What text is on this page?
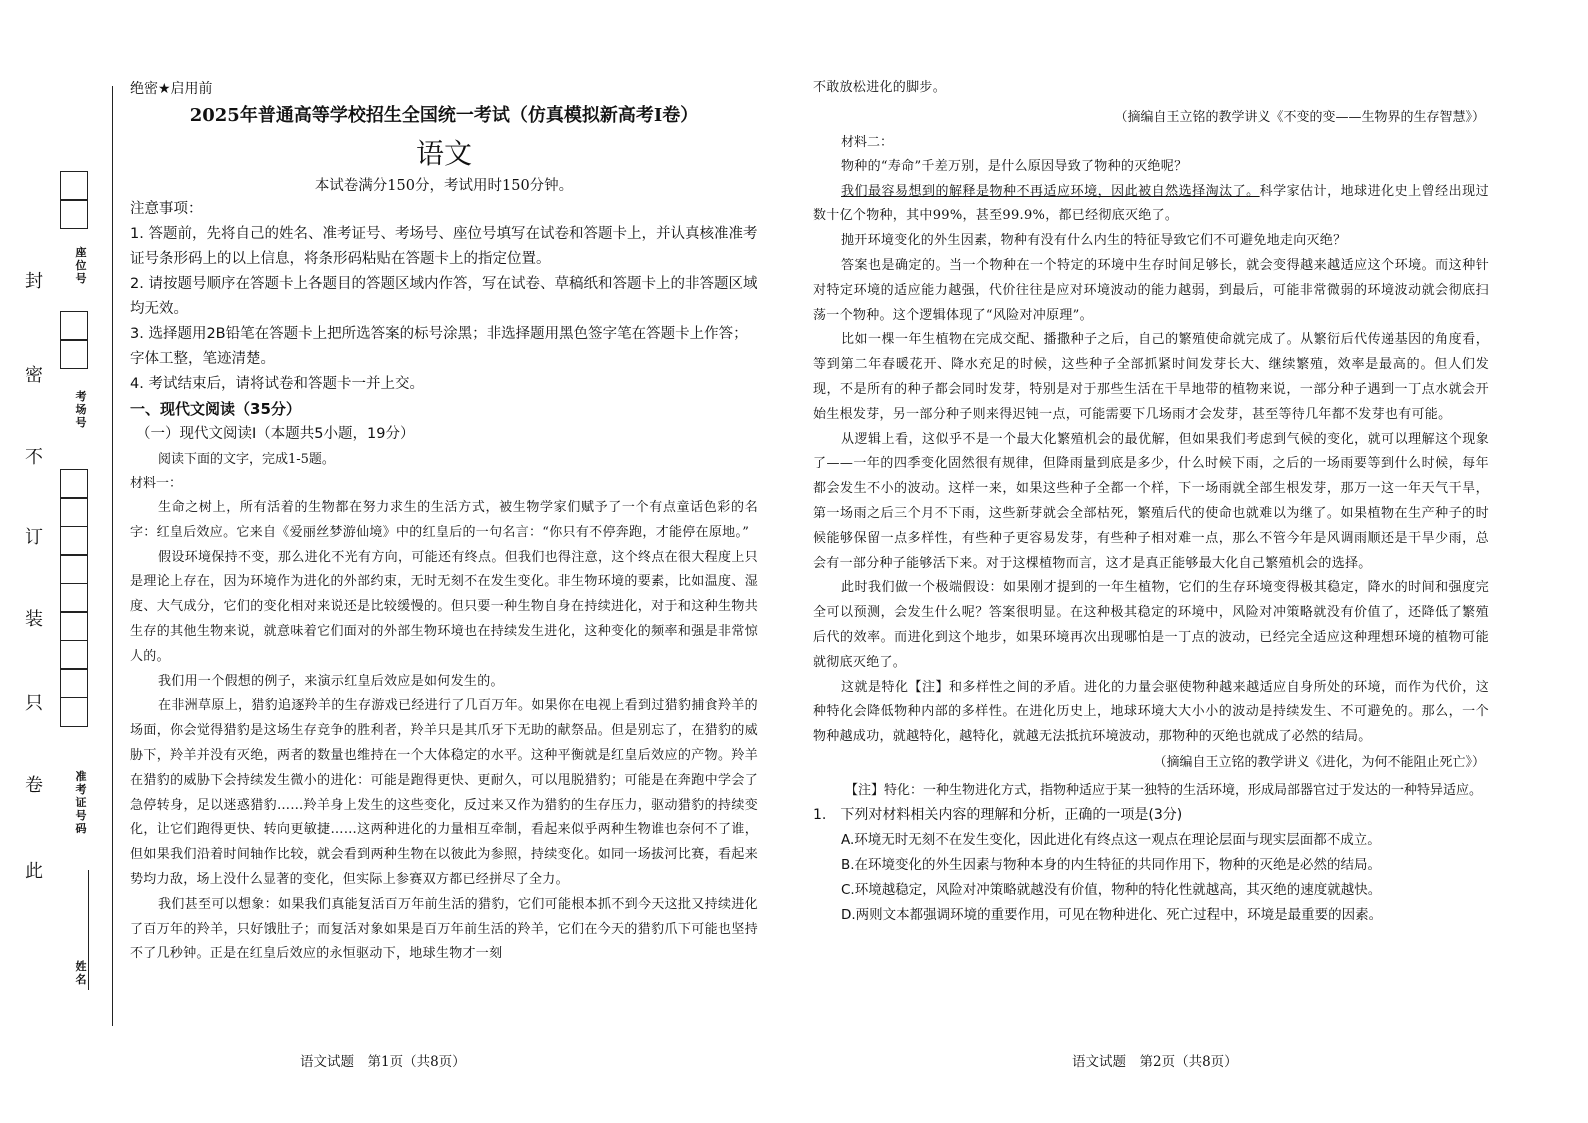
封
密
不
订
装
只
卷
此
座位号
考场号
准考证号码
姓名
绝密★启用前
2025年普通高等学校招生全国统一考试（仿真模拟新高考Ⅰ卷）
语文
本试卷满分150分，考试用时150分钟。
注意事项：
1. 答题前，先将自己的姓名、准考证号、考场号、座位号填写在试卷和答题卡上，并认真核准准考证号条形码上的以上信息，将条形码粘贴在答题卡上的指定位置。
2. 请按题号顺序在答题卡上各题目的答题区域内作答，写在试卷、草稿纸和答题卡上的非答题区域均无效。
3. 选择题用2B铅笔在答题卡上把所选答案的标号涂黑；非选择题用黑色签字笔在答题卡上作答；字体工整，笔迹清楚。
4. 考试结束后，请将试卷和答题卡一并上交。
一、现代文阅读（35分）
（一）现代文阅读Ⅰ（本题共5小题，19分）
阅读下面的文字，完成1-5题。
材料一：

生命之树上，所有活着的生物都在努力求生的生活方式，被生物学家们赋予了一个有点童话色彩的名字：红皇后效应。它来自《爱丽丝梦游仙境》中的红皇后的一句名言：“你只有不停奔跑，才能停在原地。”

假设环境保持不变，那么进化不光有方向，可能还有终点。但我们也得注意，这个终点在很大程度上只是理论上存在，因为环境作为进化的外部约束，无时无刻不在发生变化。非生物环境的要素，比如温度、湿度、大气成分，它们的变化相对来说还是比较缓慢的。但只要一种生物自身在持续进化，对于和这种生物共生存的其他生物来说，就意味着它们面对的外部生物环境也在持续发生进化，这种变化的频率和强是非常惊人的。

我们用一个假想的例子，来演示红皇后效应是如何发生的。

在非洲草原上，猎豹追逐羚羊的生存游戏已经进行了几百万年。如果你在电视上看到过猎豹捕食羚羊的场面，你会觉得猎豹是这场生存竞争的胜利者，羚羊只是其爪牙下无助的献祭品。但是别忘了，在猎豹的威胁下，羚羊并没有灭绝，两者的数量也维持在一个大体稳定的水平。这种平衡就是红皇后效应的产物。羚羊在猎豹的威胁下会持续发生微小的进化：可能是跑得更快、更耐久，可以甩脱猎豹；可能是在奔跑中学会了急停转身，足以迷惑猎豹……羚羊身上发生的这些变化，反过来又作为猎豹的生存压力，驱动猎豹的持续变化，让它们跑得更快、转向更敏捷……这两种进化的力量相互牵制，看起来似乎两种生物谁也奈何不了谁，但如果我们沿着时间轴作比较，就会看到两种生物在以彼此为参照，持续变化。如同一场拔河比赛，看起来势均力敌，场上没什么显著的变化，但实际上参赛双方都已经拼尽了全力。

我们甚至可以想象：如果我们真能复活百万年前生活的猎豹，它们可能根本抓不到今天这批又持续进化了百万年的羚羊，只好饿肚子；而复活对象如果是百万年前生活的羚羊，它们在今天的猎豹爪下可能也坚持不了几秒钟。正是在红皇后效应的永恒驱动下，地球生物才一刻

语文试题　第1页（共8页）
不敢放松进化的脚步。
（摘编自王立铭的教学讲义《不变的变——生物界的生存智慧》）
材料二：

物种的“寿命”千差万别，是什么原因导致了物种的灭绝呢？

我们最容易想到的解释是物种不再适应环境，因此被自然选择淘汰了。科学家估计，地球进化史上曾经出现过数十亿个物种，其中99%，甚至99.9%，都已经彻底灭绝了。

抛开环境变化的外生因素，物种有没有什么内生的特征导致它们不可避免地走向灭绝？

答案也是确定的。当一个物种在一个特定的环境中生存时间足够长，就会变得越来越适应这个环境。而这种针对特定环境的适应能力越强，代价往往是应对环境波动的能力越弱，到最后，可能非常微弱的环境波动就会彻底扫荡一个物种。这个逻辑体现了“风险对冲原理”。

比如一棵一年生植物在完成交配、播撒种子之后，自己的繁殖使命就完成了。从繁衍后代传递基因的角度看，等到第二年春暖花开、降水充足的时候，这些种子全部抓紧时间发芽长大、继续繁殖，效率是最高的。但人们发现，不是所有的种子都会同时发芽，特别是对于那些生活在干旱地带的植物来说，一部分种子遇到一丁点水就会开始生根发芽，另一部分种子则来得迟钝一点，可能需要下几场雨才会发芽，甚至等待几年都不发芽也有可能。

从逻辑上看，这似乎不是一个最大化繁殖机会的最优解，但如果我们考虑到气候的变化，就可以理解这个现象了——一年的四季变化固然很有规律，但降雨量到底是多少，什么时候下雨，之后的一场雨要等到什么时候，每年都会发生不小的波动。这样一来，如果这些种子全都一个样，下一场雨就全部生根发芽，那万一这一年天气干旱，第一场雨之后三个月不下雨，这些新芽就会全部枯死，繁殖后代的使命也就难以为继了。如果植物在生产种子的时候能够保留一点多样性，有些种子更容易发芽，有些种子相对难一点，那么不管今年是风调雨顺还是干旱少雨，总会有一部分种子能够活下来。对于这棵植物而言，这才是真正能够最大化自己繁殖机会的选择。

此时我们做一个极端假设：如果刚才提到的一年生植物，它们的生存环境变得极其稳定，降水的时间和强度完全可以预测，会发生什么呢？答案很明显。在这种极其稳定的环境中，风险对冲策略就没有价值了，还降低了繁殖后代的效率。而进化到这个地步，如果环境再次出现哪怕是一丁点的波动，已经完全适应这种理想环境的植物可能就彻底灭绝了。

这就是特化【注】和多样性之间的矛盾。进化的力量会驱使物种越来越适应自身所处的环境，而作为代价，这种特化会降低物种内部的多样性。在进化历史上，地球环境大大小小的波动是持续发生、不可避免的。那么，一个物种越成功，就越特化，越特化，就越无法抵抗环境波动，那物种的灭绝也就成了必然的结局。

（摘编自王立铭的教学讲义《进化，为何不能阻止死亡》）
【注】特化：一种生物进化方式，指物种适应于某一独特的生活环境，形成局部器官过于发达的一种特异适应。
1.　下列对材料相关内容的理解和分析，正确的一项是(3分)
A.环境无时无刻不在发生变化，因此进化有终点这一观点在理论层面与现实层面都不成立。
B.在环境变化的外生因素与物种本身的内生特征的共同作用下，物种的灭绝是必然的结局。
C.环境越稳定，风险对冲策略就越没有价值，物种的特化性就越高，其灭绝的速度就越快。
D.两则文本都强调环境的重要作用，可见在物种进化、死亡过程中，环境是最重要的因素。
语文试题　第2页（共8页）
